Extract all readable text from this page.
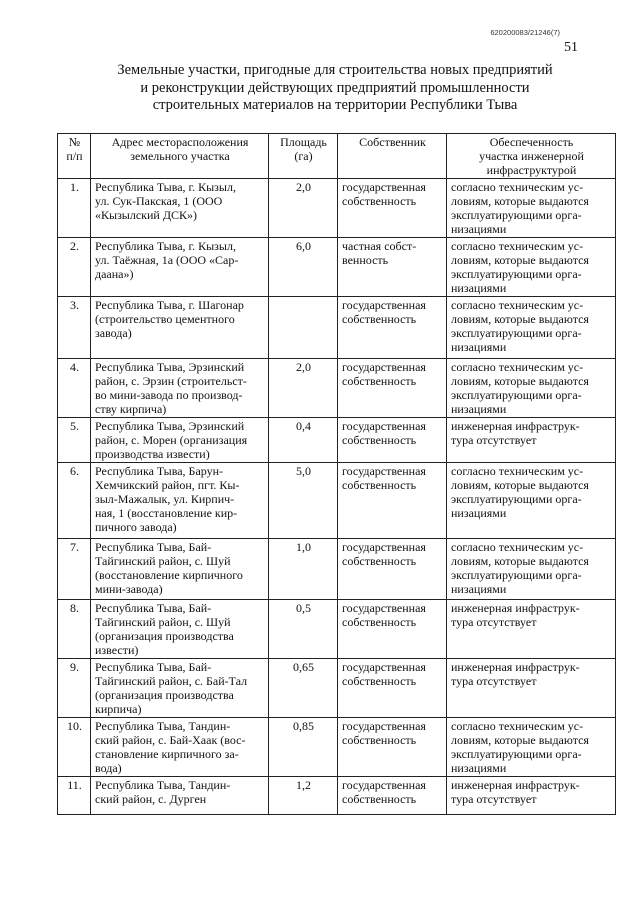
620200083/21246(7)
51
Земельные участки, пригодные для строительства новых предприятий
и реконструкции действующих предприятий промышленности
строительных материалов на территории Республики Тыва
№
п/п	Адрес месторасположения
земельного участка	Площадь
(га)	Собственник	Обеспеченность
участка инженерной
инфраструктурой

1.	Республика Тыва, г. Кызыл,
ул. Сук-Пакская, 1 (ООО
«Кызылский ДСК»)	2,0	государственная
собственность	согласно техническим ус-
ловиям, которые выдаются
эксплуатирующими орга-
низациями

2.	Республика Тыва, г. Кызыл,
ул. Таёжная, 1а (ООО «Сар-
даана»)	6,0	частная собст-
венность	согласно техническим ус-
ловиям, которые выдаются
эксплуатирующими орга-
низациями

3.	Республика Тыва, г. Шагонар
(строительство цементного
завода)		государственная
собственность	согласно техническим ус-
ловиям, которые выдаются
эксплуатирующими орга-
низациями

4.	Республика Тыва, Эрзинский
район, с. Эрзин (строительст-
во мини-завода по производ-
ству кирпича)	2,0	государственная
собственность	согласно техническим ус-
ловиям, которые выдаются
эксплуатирующими орга-
низациями

5.	Республика Тыва, Эрзинский
район, с. Морен (организация
производства извести)	0,4	государственная
собственность	инженерная инфраструк-
тура отсутствует

6.	Республика Тыва, Барун-
Хемчикский район, пгт. Кы-
зыл-Мажалык, ул. Кирпич-
ная, 1 (восстановление кир-
пичного завода)	5,0	государственная
собственность	согласно техническим ус-
ловиям, которые выдаются
эксплуатирующими орга-
низациями

7.	Республика Тыва, Бай-
Тайгинский район, с. Шуй
(восстановление кирпичного
мини-завода)	1,0	государственная
собственность	согласно техническим ус-
ловиям, которые выдаются
эксплуатирующими орга-
низациями

8.	Республика Тыва, Бай-
Тайгинский район, с. Шуй
(организация производства
извести)	0,5	государственная
собственность	инженерная инфраструк-
тура отсутствует

9.	Республика Тыва, Бай-
Тайгинский район, с. Бай-Тал
(организация производства
кирпича)	0,65	государственная
собственность	инженерная инфраструк-
тура отсутствует

10.	Республика Тыва, Тандин-
ский район, с. Бай-Хаак (вос-
становление кирпичного за-
вода)	0,85	государственная
собственность	согласно техническим ус-
ловиям, которые выдаются
эксплуатирующими орга-
низациями

11.	Республика Тыва, Тандин-
ский район, с. Дурген	1,2	государственная
собственность	инженерная инфраструк-
тура отсутствует
